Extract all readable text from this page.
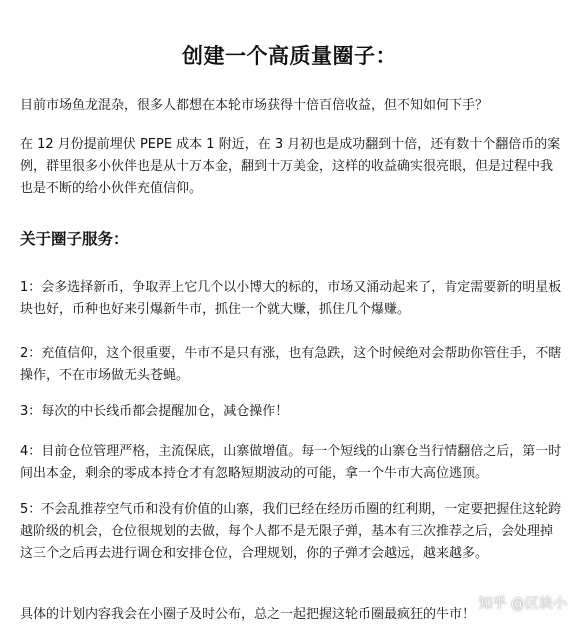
创建一个高质量圈子：

目前市场鱼龙混杂，很多人都想在本轮市场获得十倍百倍收益，但不知如何下手？

在 12 月份提前埋伏 PEPE 成本 1 附近，在 3 月初也是成功翻到十倍，还有数十个翻倍币的案例，群里很多小伙伴也是从十万本金，翻到十万美金，这样的收益确实很亮眼，但是过程中我也是不断的给小伙伴充值信仰。

关于圈子服务：

1：会多选择新币，争取弄上它几个以小博大的标的，市场又涌动起来了，肯定需要新的明星板块也好，币种也好来引爆新牛市，抓住一个就大赚，抓住几个爆赚。

2：充值信仰，这个很重要，牛市不是只有涨，也有急跌，这个时候绝对会帮助你管住手，不瞎操作，不在市场做无头苍蝇。

3：每次的中长线币都会提醒加仓，减仓操作！

4：目前仓位管理严格，主流保底，山寨做增值。每一个短线的山寨仓当行情翻倍之后，第一时间出本金，剩余的零成本持仓才有忽略短期波动的可能，拿一个牛市大高位逃顶。

5：不会乱推荐空气币和没有价值的山寨，我们已经在经历币圈的红利期，一定要把握住这轮跨越阶级的机会，仓位很规划的去做，每个人都不是无限子弹，基本有三次推荐之后，会处理掉这三个之后再去进行调仓和安排仓位，合理规划，你的子弹才会越远，越来越多。

具体的计划内容我会在小圈子及时公布，总之一起把握这轮币圈最疯狂的牛市！

知乎 @区块小
